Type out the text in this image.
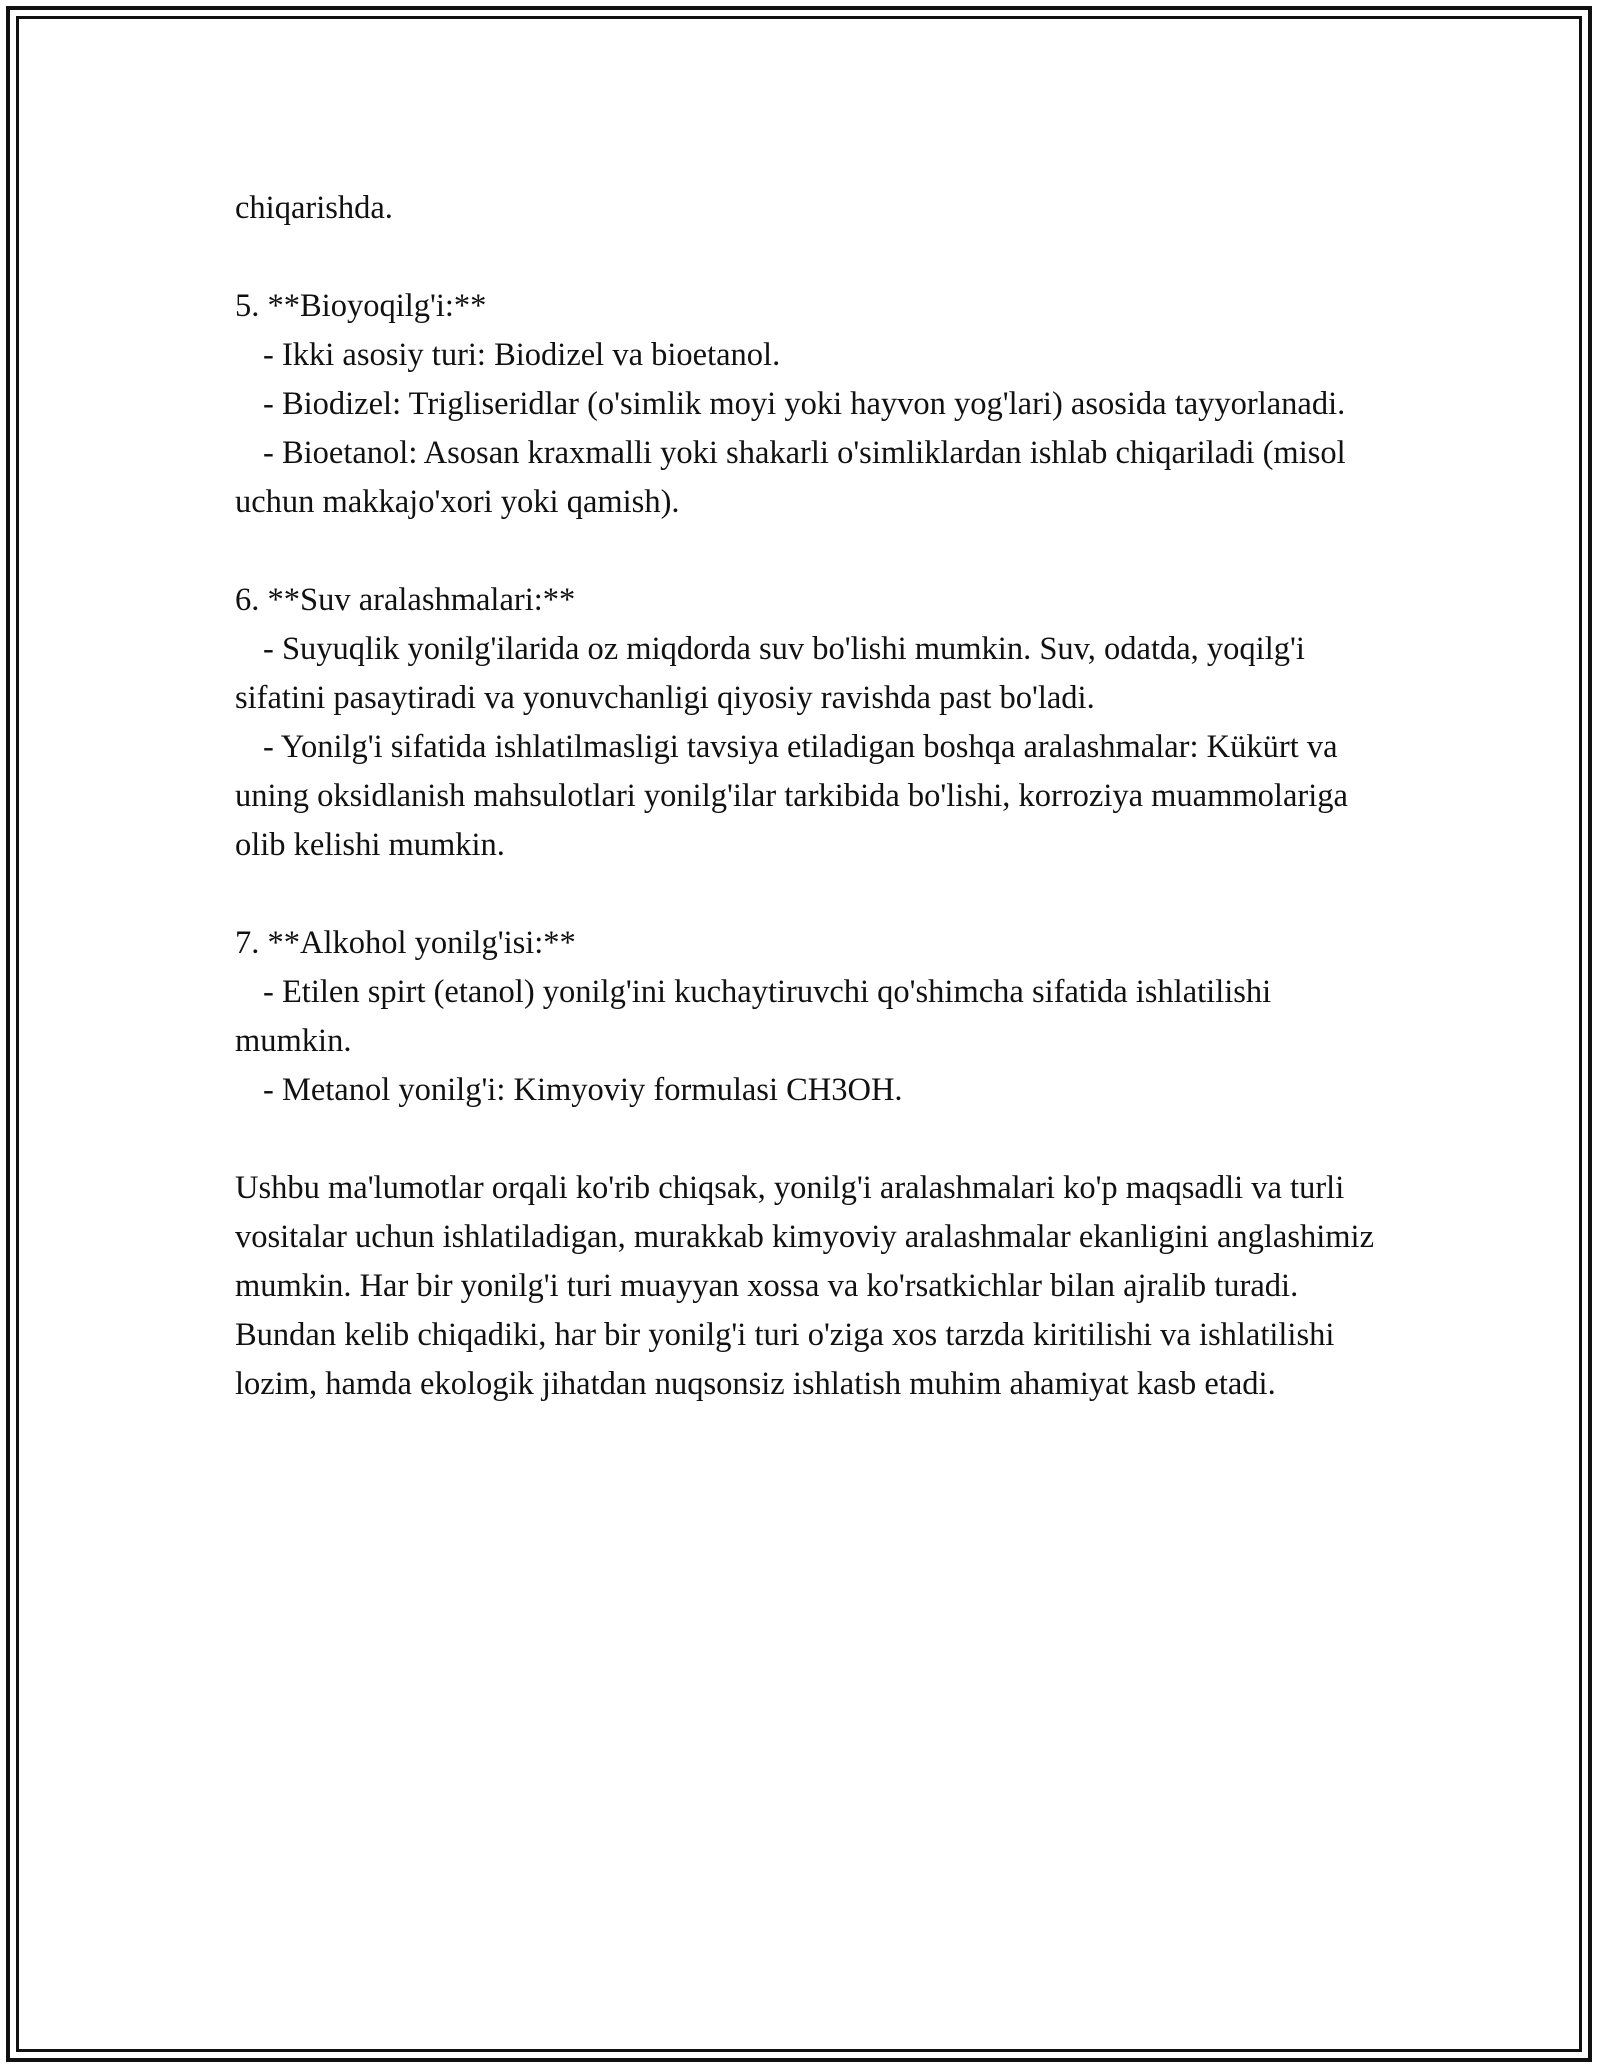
chiqarishda.

5. **Bioyoqilg'i:**

- Ikki asosiy turi: Biodizel va bioetanol.

- Biodizel: Trigliseridlar (o'simlik moyi yoki hayvon yog'lari) asosida tayyorlanadi.

- Bioetanol: Asosan kraxmalli yoki shakarli o'simliklardan ishlab chiqariladi (misol uchun makkajo'xori yoki qamish).

6. **Suv aralashmalari:**

- Suyuqlik yonilg'ilarida oz miqdorda suv bo'lishi mumkin. Suv, odatda, yoqilg'i sifatini pasaytiradi va yonuvchanligi qiyosiy ravishda past bo'ladi.

- Yonilg'i sifatida ishlatilmasligi tavsiya etiladigan boshqa aralashmalar: Kükürt va uning oksidlanish mahsulotlari yonilg'ilar tarkibida bo'lishi, korroziya muammolariga olib kelishi mumkin.

7. **Alkohol yonilg'isi:**

- Etilen spirt (etanol) yonilg'ini kuchaytiruvchi qo'shimcha sifatida ishlatilishi mumkin.

- Metanol yonilg'i: Kimyoviy formulasi CH3OH.

Ushbu ma'lumotlar orqali ko'rib chiqsak, yonilg'i aralashmalari ko'p maqsadli va turli vositalar uchun ishlatiladigan, murakkab kimyoviy aralashmalar ekanligini anglashimiz mumkin. Har bir yonilg'i turi muayyan xossa va ko'rsatkichlar bilan ajralib turadi. Bundan kelib chiqadiki, har bir yonilg'i turi o'ziga xos tarzda kiritilishi va ishlatilishi lozim, hamda ekologik jihatdan nuqsonsiz ishlatish muhim ahamiyat kasb etadi.
